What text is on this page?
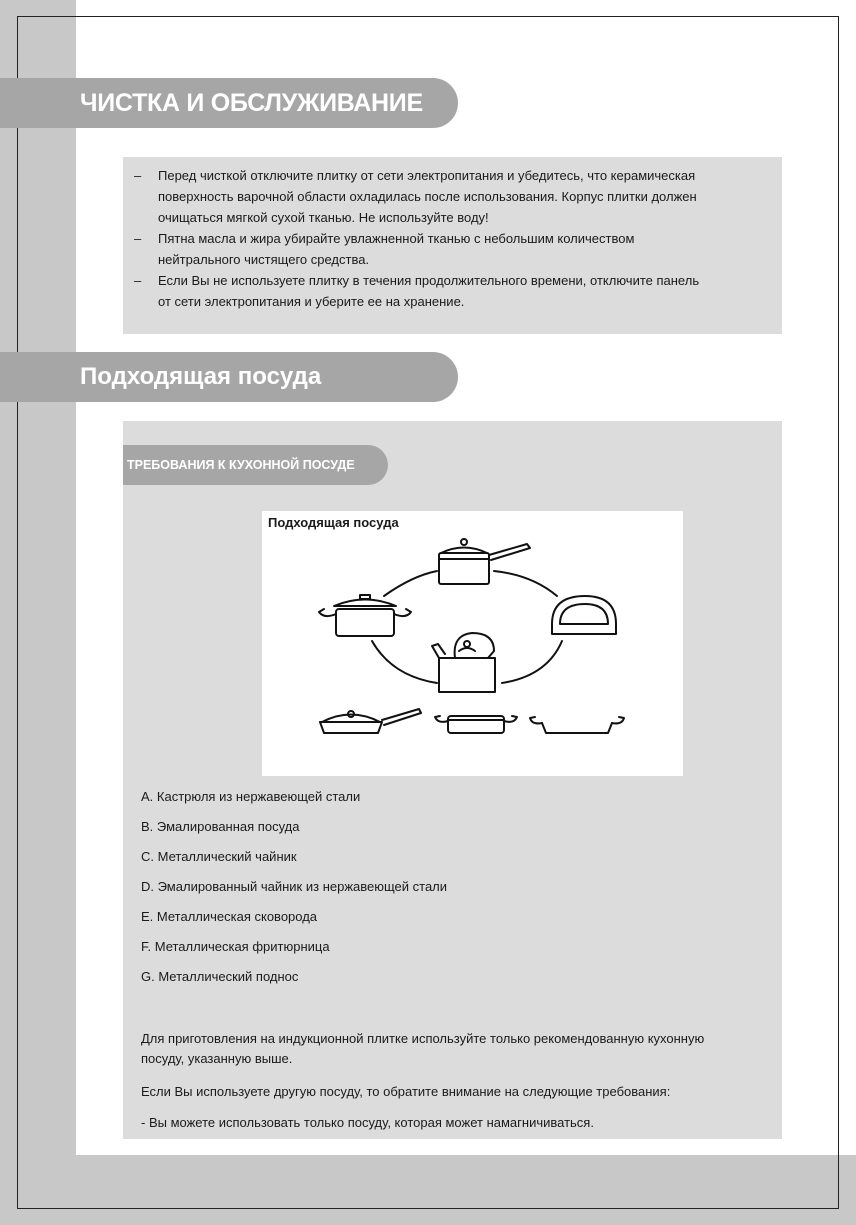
ЧИСТКА И ОБСЛУЖИВАНИЕ
– Перед чисткой отключите плитку от сети электропитания и убедитесь, что керамическая
поверхность варочной области охладилась после использования. Корпус плитки должен
очищаться мягкой сухой тканью. Не используйте воду!
– Пятна масла и жира убирайте увлажненной тканью с небольшим количеством
нейтрального чистящего средства.
– Если Вы не используете плитку в течения продолжительного времени, отключите панель
от сети электропитания и уберите ее на хранение.
Подходящая посуда
ТРЕБОВАНИЯ К КУХОННОЙ ПОСУДЕ
Подходящая посуда
A. Кастрюля из нержавеющей стали
B. Эмалированная посуда
C. Металлический чайник
D. Эмалированный чайник из нержавеющей стали
E. Металлическая сковорода
F. Металлическая фритюрница
G. Металлический поднос

Для приготовления на индукционной плитке используйте только рекомендованную кухонную
посуду, указанную выше.

Если Вы используете другую посуду, то обратите внимание на следующие требования:

- Вы можете использовать только посуду, которая может намагничиваться.
